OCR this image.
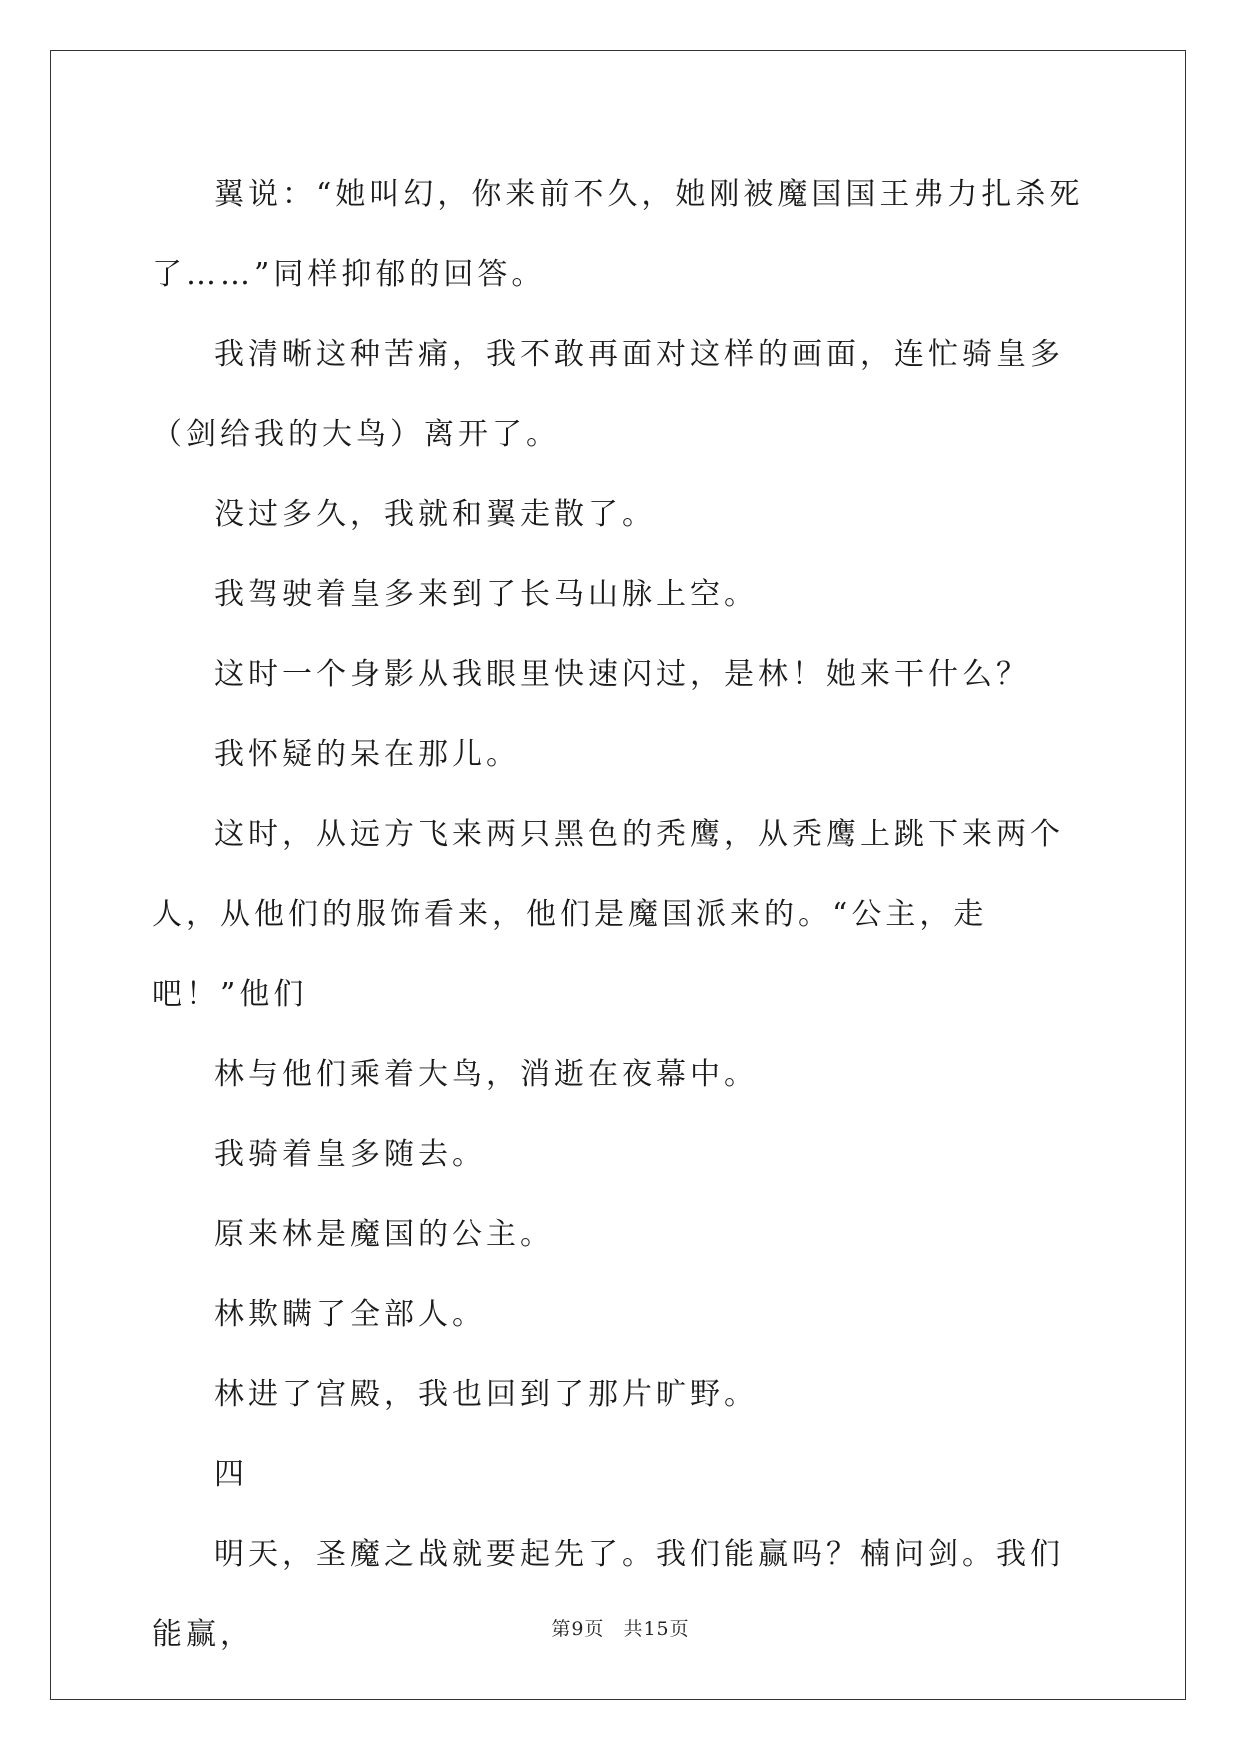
翼说：“她叫幻，你来前不久，她刚被魔国国王弗力扎杀死了……”同样抑郁的回答。

我清晰这种苦痛，我不敢再面对这样的画面，连忙骑皇多（剑给我的大鸟）离开了。

没过多久，我就和翼走散了。

我驾驶着皇多来到了长马山脉上空。

这时一个身影从我眼里快速闪过，是林！她来干什么？

我怀疑的呆在那儿。

这时，从远方飞来两只黑色的秃鹰，从秃鹰上跳下来两个人，从他们的服饰看来，他们是魔国派来的。“公主，走吧！”他们

林与他们乘着大鸟，消逝在夜幕中。

我骑着皇多随去。

原来林是魔国的公主。

林欺瞒了全部人。

林进了宫殿，我也回到了那片旷野。

四

明天，圣魔之战就要起先了。我们能赢吗？楠问剑。我们能赢，	第9页 共15页
